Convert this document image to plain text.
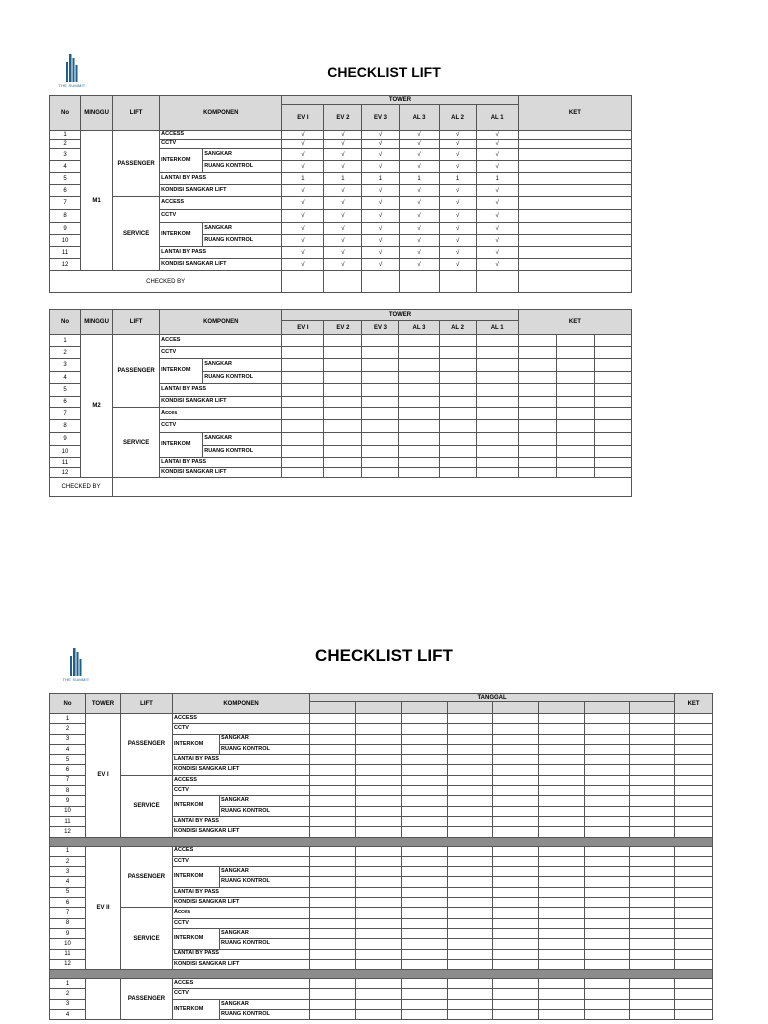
THE SUMMIT
CHECKLIST LIFT
No	MINGGU	LIFT	KOMPONEN		TOWER						KET
					EV I	EV 2	EV 3	AL 3	AL 2	AL 1	
1	M1	PASSENGER	ACCESS		√	√	√	√	√	√	
2			CCTV		√	√	√	√	√	√	
3			INTERKOM	SANGKAR	√	√	√	√	√	√	
4				RUANG KONTROL	√	√	√	√	√	√	
5			LANTAI BY PASS		1	1	1	1	1	1	
6			KONDISI SANGKAR LIFT		√	√	√	√	√	√	
7		SERVICE	ACCESS		√	√	√	√	√	√	
8			CCTV		√	√	√	√	√	√	
9			INTERKOM	SANGKAR	√	√	√	√	√	√	
10				RUANG KONTROL	√	√	√	√	√	√	
11			LANTAI BY PASS		√	√	√	√	√	√	
12			KONDISI SANGKAR LIFT		√	√	√	√	√	√	
CHECKED BY											
No	MINGGU	LIFT	KOMPONEN		TOWER						KET		
					EV I	EV 2	EV 3	AL 3	AL 2	AL 1			
1	M2	PASSENGER	ACCES										
2			CCTV										
3			INTERKOM	SANGKAR									
4				RUANG KONTROL									
5			LANTAI BY PASS										
6			KONDISI SANGKAR LIFT										
7		SERVICE	Acces										
8			CCTV										
9			INTERKOM	SANGKAR									
10				RUANG KONTROL									
11			LANTAI BY PASS										
12			KONDISI SANGKAR LIFT										
CHECKED BY													
THE SUMMIT
CHECKLIST LIFT
No	TOWER	LIFT	KOMPONEN		TANGGAL								KET

1	EV I	PASSENGER	ACCESS										
2			CCTV										
3			INTERKOM	SANGKAR									
4				RUANG KONTROL									
5			LANTAI BY PASS										
6			KONDISI SANGKAR LIFT										
7		SERVICE	ACCESS										
8			CCTV										
9			INTERKOM	SANGKAR									
10				RUANG KONTROL									
11			LANTAI BY PASS										
12			KONDISI SANGKAR LIFT										

1	EV II	PASSENGER	ACCES										
2			CCTV										
3			INTERKOM	SANGKAR									
4				RUANG KONTROL									
5			LANTAI BY PASS										
6			KONDISI SANGKAR LIFT										
7		SERVICE	Acces										
8			CCTV										
9			INTERKOM	SANGKAR									
10				RUANG KONTROL									
11			LANTAI BY PASS										
12			KONDISI SANGKAR LIFT										

1		PASSENGER	ACCES										
2			CCTV										
3			INTERKOM	SANGKAR									
4				RUANG KONTROL									
